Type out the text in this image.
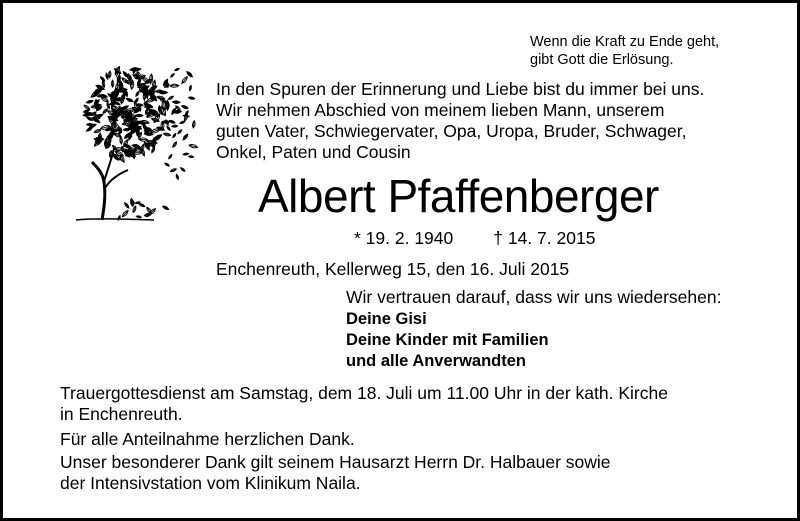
Wenn die Kraft zu Ende geht,
gibt Gott die Erlösung.
In den Spuren der Erinnerung und Liebe bist du immer bei uns.
Wir nehmen Abschied von meinem lieben Mann, unserem
guten Vater, Schwiegervater, Opa, Uropa, Bruder, Schwager,
Onkel, Paten und Cousin
Albert Pfaffenberger
* 19. 2. 1940 † 14. 7. 2015
Enchenreuth, Kellerweg 15, den 16. Juli 2015
Wir vertrauen darauf, dass wir uns wiedersehen:
Deine Gisi
Deine Kinder mit Familien
und alle Anverwandten
Trauergottesdienst am Samstag, dem 18. Juli um 11.00 Uhr in der kath. Kirche
in Enchenreuth.
Für alle Anteilnahme herzlichen Dank.
Unser besonderer Dank gilt seinem Hausarzt Herrn Dr. Halbauer sowie
der Intensivstation vom Klinikum Naila.
